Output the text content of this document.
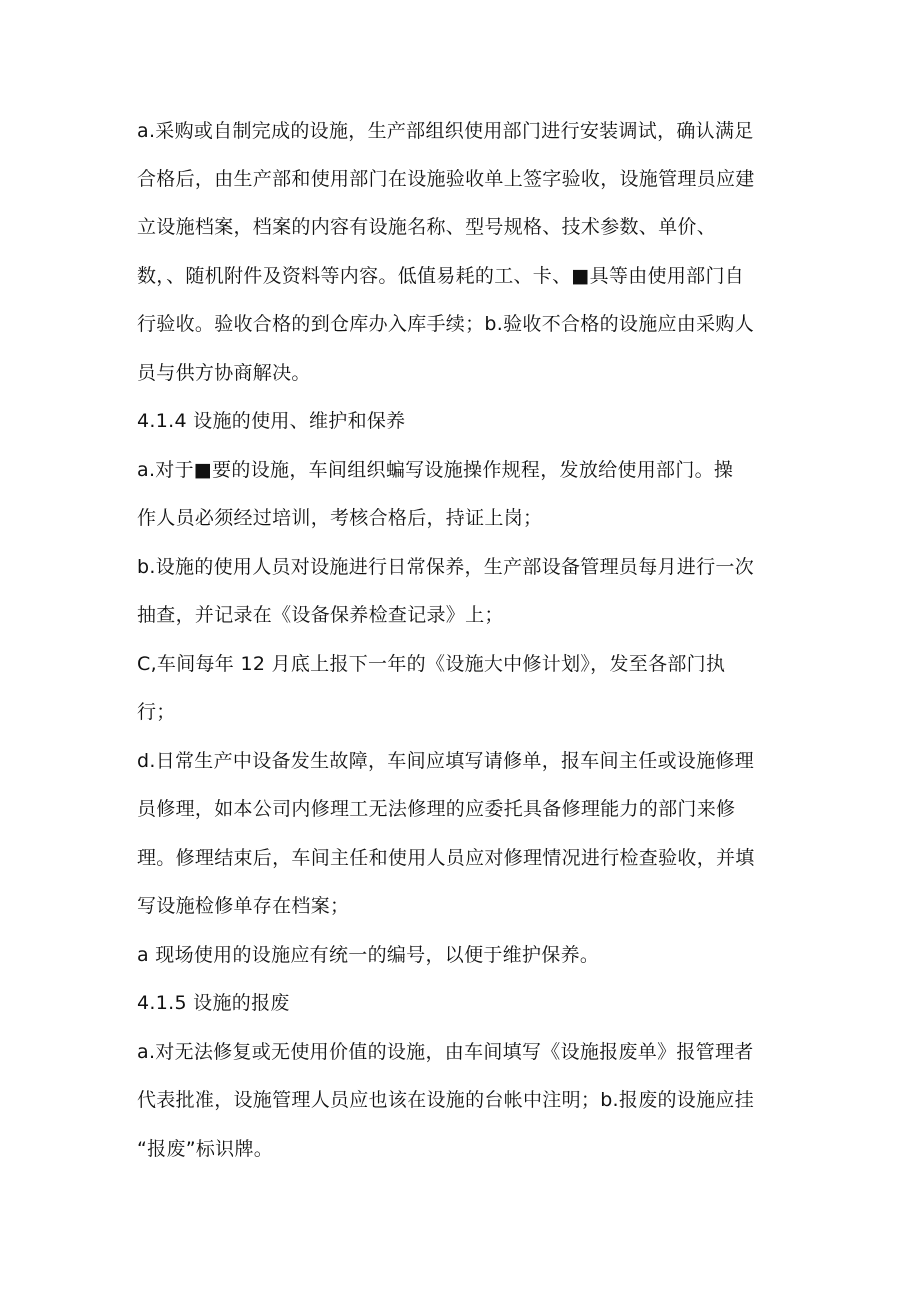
a.采购或自制完成的设施，生产部组织使用部门进行安装调试，确认满足
合格后，由生产部和使用部门在设施验收单上签字验收，设施管理员应建
立设施档案，档案的内容有设施名称、型号规格、技术参数、单价、
数，、随机附件及资料等内容。低值易耗的工、卡、■具等由使用部门自
行验收。验收合格的到仓库办入库手续；b.验收不合格的设施应由采购人
员与供方协商解决。
4.1.4 设施的使用、维护和保养
a.对于■要的设施，车间组织蝙写设施操作规程，发放给使用部门。操
作人员必须经过培训，考核合格后，持证上岗；
b.设施的使用人员对设施进行日常保养，生产部设备管理员每月进行一次
抽查，并记录在《设备保养检查记录》上；
C,车间每年 12 月底上报下一年的《设施大中修计划》，发至各部门执
行；
d.日常生产中设备发生故障，车间应填写请修单，报车间主任或设施修理
员修理，如本公司内修理工无法修理的应委托具备修理能力的部门来修
理。修理结束后，车间主任和使用人员应对修理情况进行检查验收，并填
写设施检修单存在档案；
a 现场使用的设施应有统一的编号，以便于维护保养。
4.1.5 设施的报废
a.对无法修复或无使用价值的设施，由车间填写《设施报废单》报管理者
代表批准，设施管理人员应也该在设施的台帐中注明；b.报废的设施应挂
“报废”标识牌。
